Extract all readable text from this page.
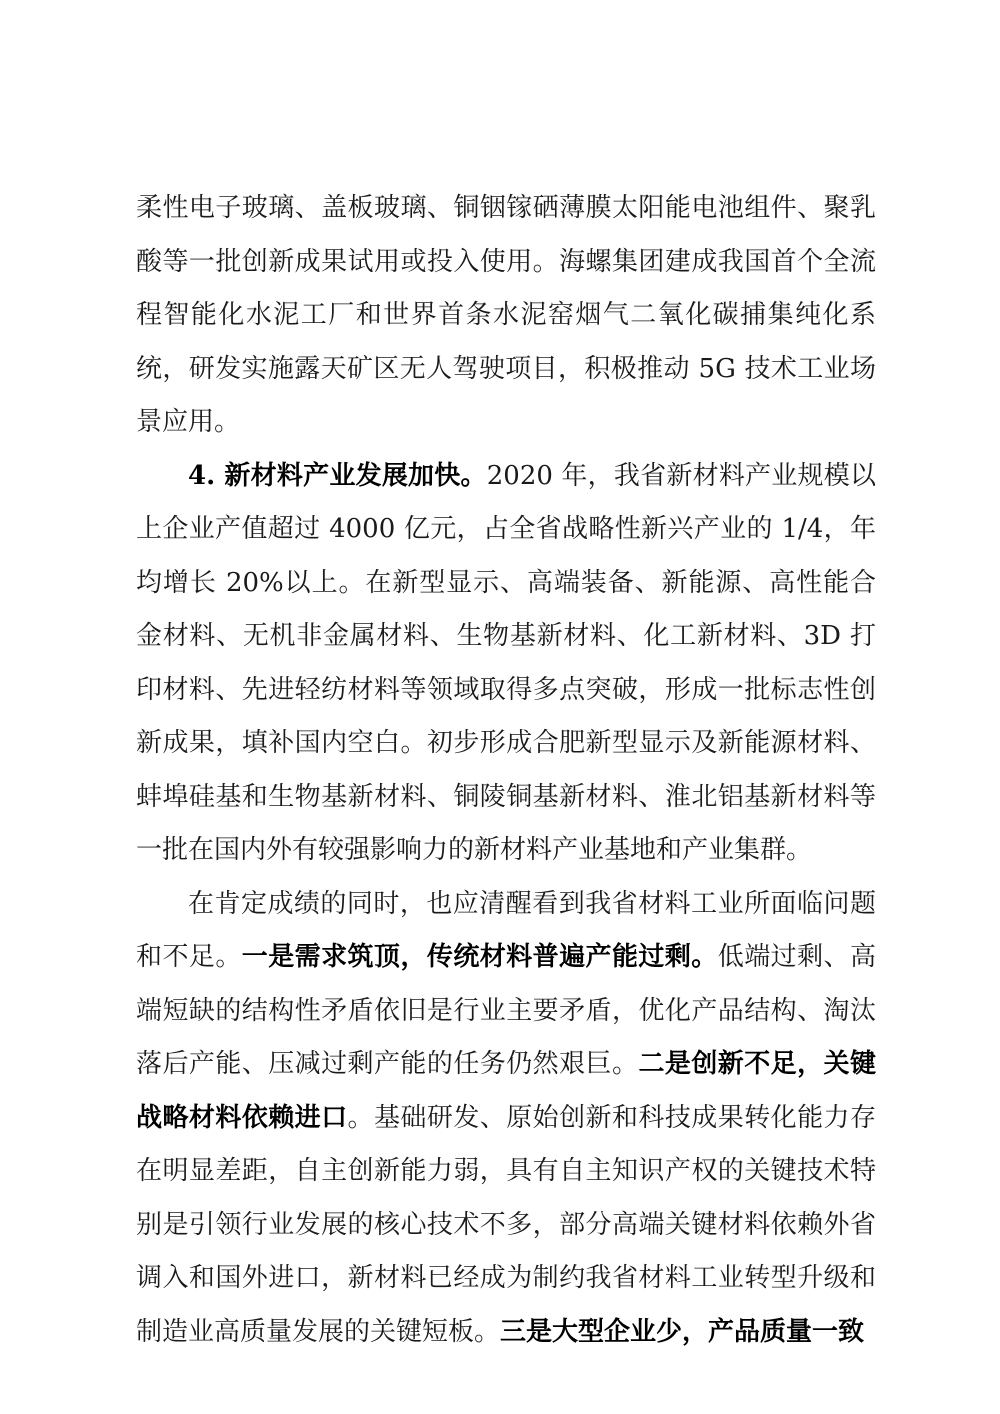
柔性电子玻璃、盖板玻璃、铜铟镓硒薄膜太阳能电池组件、聚乳酸等一批创新成果试用或投入使用。海螺集团建成我国首个全流程智能化水泥工厂和世界首条水泥窑烟气二氧化碳捕集纯化系统，研发实施露天矿区无人驾驶项目，积极推动 5G 技术工业场景应用。

4. 新材料产业发展加快。2020 年，我省新材料产业规模以上企业产值超过 4000 亿元，占全省战略性新兴产业的 1/4，年均增长 20%以上。在新型显示、高端装备、新能源、高性能合金材料、无机非金属材料、生物基新材料、化工新材料、3D 打印材料、先进轻纺材料等领域取得多点突破，形成一批标志性创新成果，填补国内空白。初步形成合肥新型显示及新能源材料、蚌埠硅基和生物基新材料、铜陵铜基新材料、淮北铝基新材料等一批在国内外有较强影响力的新材料产业基地和产业集群。

在肯定成绩的同时，也应清醒看到我省材料工业所面临问题和不足。一是需求筑顶，传统材料普遍产能过剩。低端过剩、高端短缺的结构性矛盾依旧是行业主要矛盾，优化产品结构、淘汰落后产能、压减过剩产能的任务仍然艰巨。二是创新不足，关键战略材料依赖进口。基础研发、原始创新和科技成果转化能力存在明显差距，自主创新能力弱，具有自主知识产权的关键技术特别是引领行业发展的核心技术不多，部分高端关键材料依赖外省调入和国外进口，新材料已经成为制约我省材料工业转型升级和制造业高质量发展的关键短板。三是大型企业少，产品质量一致
